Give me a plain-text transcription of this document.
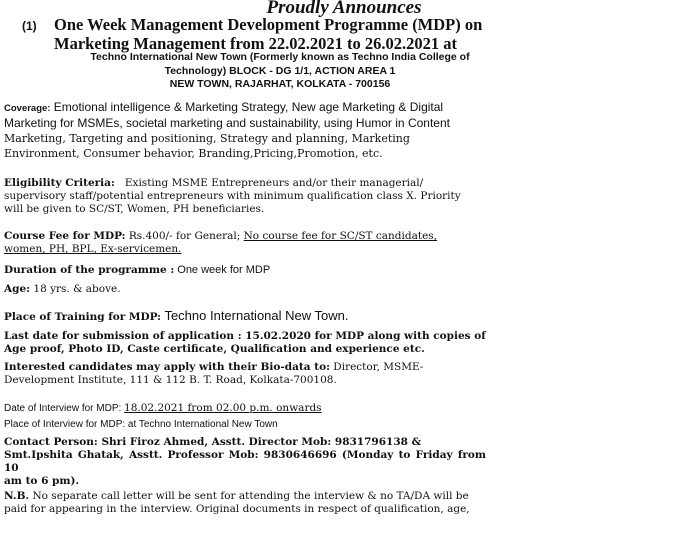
Proudly Announces
(1) One Week Management Development Programme (MDP) on
Marketing Management from 22.02.2021 to 26.02.2021 at
Techno International New Town (Formerly known as Techno India College of
Technology) BLOCK - DG 1/1, ACTION AREA 1
NEW TOWN, RAJARHAT, KOLKATA - 700156
Coverage: Emotional intelligence & Marketing Strategy, New age Marketing & Digital
Marketing for MSMEs, societal marketing and sustainability, using Humor in Content
Marketing, Targeting and positioning, Strategy and planning, Marketing
Environment, Consumer behavior, Branding,Pricing,Promotion, etc.
Eligibility Criteria:   Existing MSME Entrepreneurs and/or their managerial/
supervisory staff/potential entrepreneurs with minimum qualification class X. Priority
will be given to SC/ST, Women, PH beneficiaries.
Course Fee for MDP: Rs.400/- for General; No course fee for SC/ST candidates,
women, PH, BPL, Ex-servicemen.
Duration of the programme : One week for MDP
Age: 18 yrs. & above.
Place of Training for MDP: Techno International New Town.
Last date for submission of application : 15.02.2020 for MDP along with copies of
Age proof, Photo ID, Caste certificate, Qualification and experience etc.
Interested candidates may apply with their Bio-data to: Director, MSME-
Development Institute, 111 & 112 B. T. Road, Kolkata-700108.
Date of Interview for MDP: 18.02.2021 from 02.00 p.m. onwards
Place of Interview for MDP: at Techno International New Town
Contact Person: Shri Firoz Ahmed, Asstt. Director Mob: 9831796138 &
Smt.Ipshita Ghatak, Asstt. Professor Mob: 9830646696 (Monday to Friday from 10
am to 6 pm).
N.B. No separate call letter will be sent for attending the interview & no TA/DA will be
paid for appearing in the interview. Original documents in respect of qualification, age,
